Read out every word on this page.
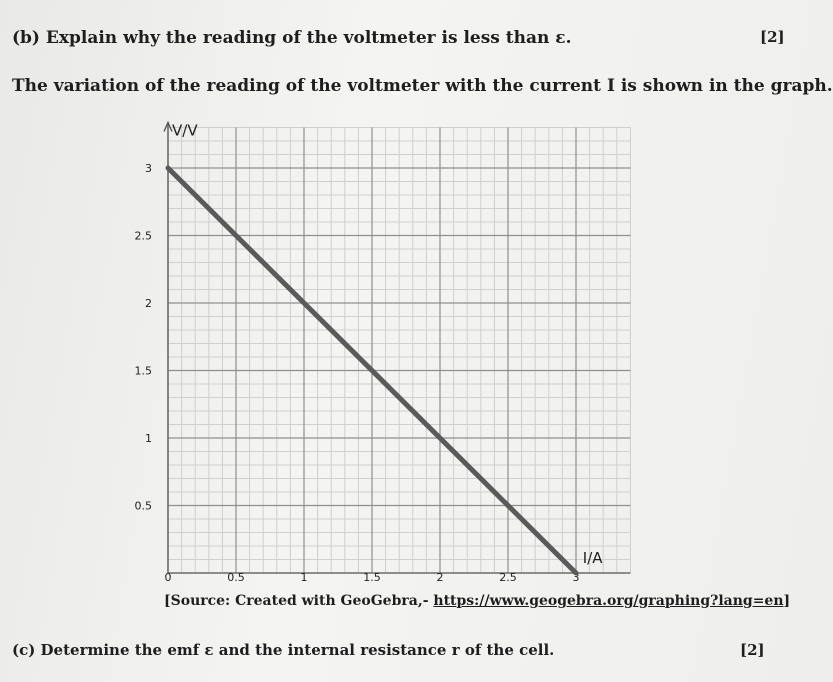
(b) Explain why the reading of the voltmeter is less than ε.	[2]
The variation of the reading of the voltmeter with the current I is shown in the graph.
0	0.5	1	1.5	2	2.5	3
0.5
1
1.5
2
2.5
3
V/V
I/A
[Source: Created with GeoGebra,- https://www.geogebra.org/graphing?lang=en]
(c) Determine the emf ε and the internal resistance r of the cell.	[2]
